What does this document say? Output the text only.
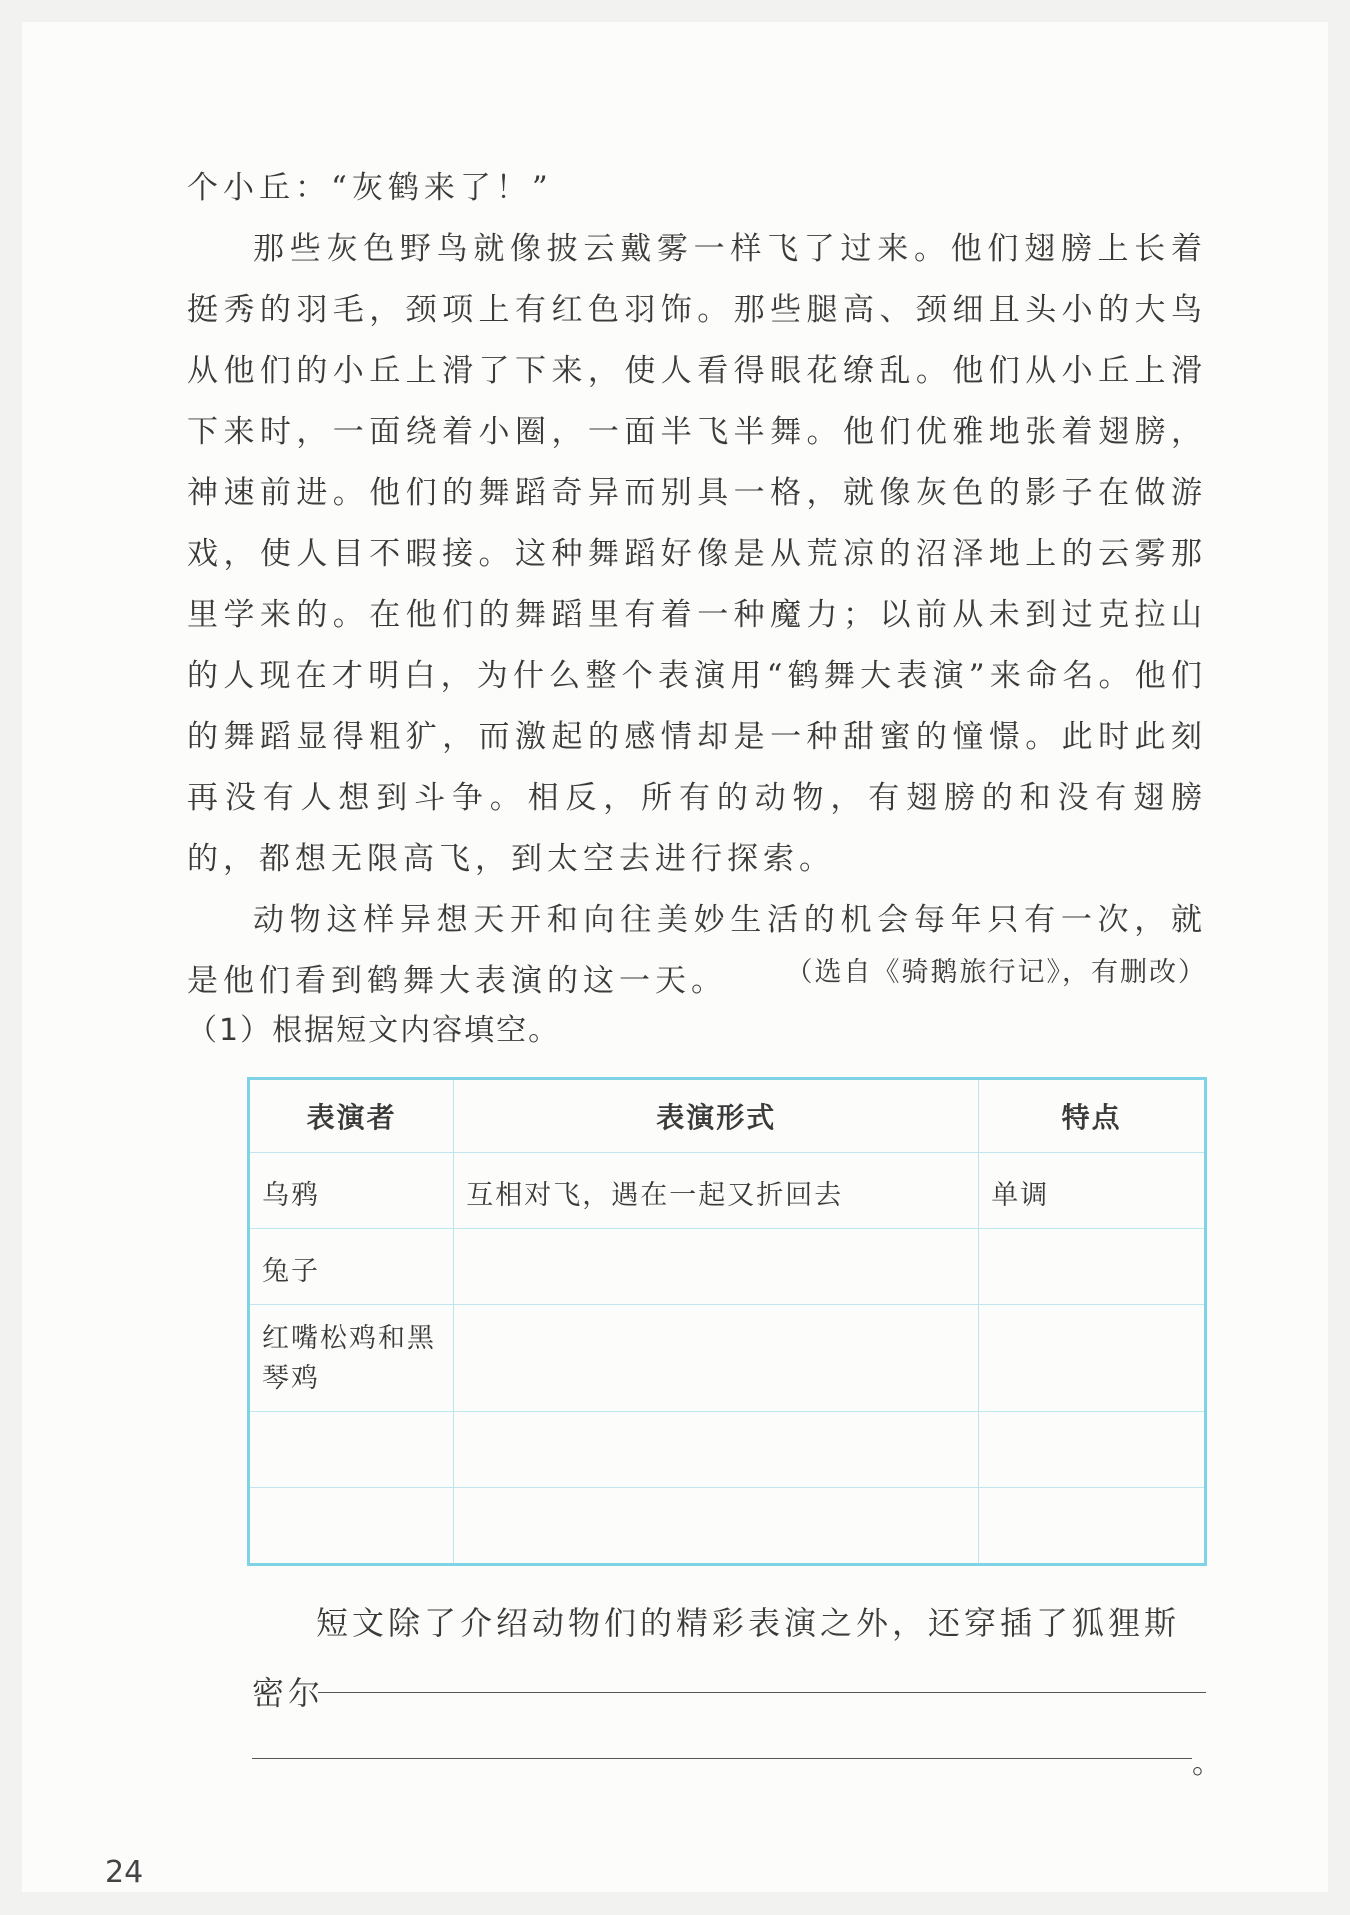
个小丘：“灰鹤来了！”

那些灰色野鸟就像披云戴雾一样飞了过来。他们翅膀上长着挺秀的羽毛，颈项上有红色羽饰。那些腿高、颈细且头小的大鸟从他们的小丘上滑了下来，使人看得眼花缭乱。他们从小丘上滑下来时，一面绕着小圈，一面半飞半舞。他们优雅地张着翅膀，神速前进。他们的舞蹈奇异而别具一格，就像灰色的影子在做游戏，使人目不暇接。这种舞蹈好像是从荒凉的沼泽地上的云雾那里学来的。在他们的舞蹈里有着一种魔力；以前从未到过克拉山的人现在才明白，为什么整个表演用“鹤舞大表演”来命名。他们的舞蹈显得粗犷，而激起的感情却是一种甜蜜的憧憬。此时此刻再没有人想到斗争。相反，所有的动物，有翅膀的和没有翅膀的，都想无限高飞，到太空去进行探索。

动物这样异想天开和向往美妙生活的机会每年只有一次，就是他们看到鹤舞大表演的这一天。	（选自《骑鹅旅行记》，有删改）
（1）根据短文内容填空。
表演者	表演形式	特点
乌鸦	互相对飞，遇在一起又折回去	单调
兔子		
红嘴松鸡和黑琴鸡		

短文除了介绍动物们的精彩表演之外，还穿插了狐狸斯

密尔

。
24
